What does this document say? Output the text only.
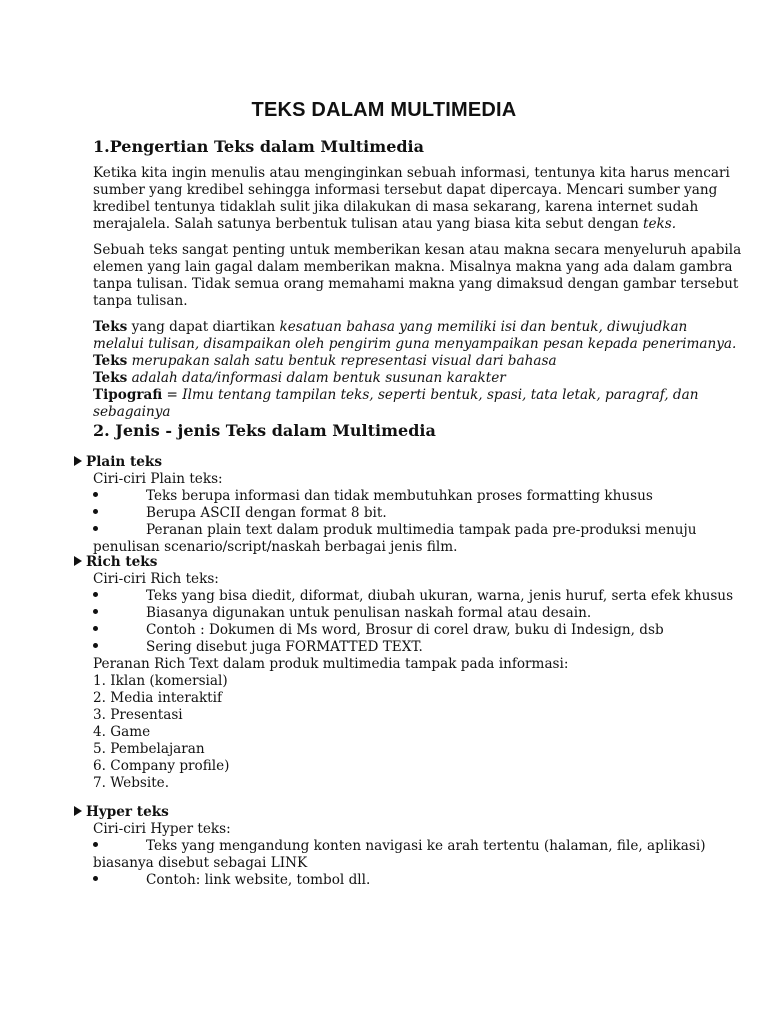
TEKS DALAM MULTIMEDIA
1.Pengertian Teks dalam Multimedia
Ketika kita ingin menulis atau menginginkan sebuah informasi, tentunya kita harus mencari
sumber yang kredibel sehingga informasi tersebut dapat dipercaya. Mencari sumber yang
kredibel tentunya tidaklah sulit jika dilakukan di masa sekarang, karena internet sudah
merajalela. Salah satunya berbentuk tulisan atau yang biasa kita sebut dengan teks.
Sebuah teks sangat penting untuk memberikan kesan atau makna secara menyeluruh apabila
elemen yang lain gagal dalam memberikan makna. Misalnya makna yang ada dalam gambra
tanpa tulisan. Tidak semua orang memahami makna yang dimaksud dengan gambar tersebut
tanpa tulisan.
Teks yang dapat diartikan kesatuan bahasa yang memiliki isi dan bentuk, diwujudkan
melalui tulisan, disampaikan oleh pengirim guna menyampaikan pesan kepada penerimanya.
Teks merupakan salah satu bentuk representasi visual dari bahasa
Teks adalah data/informasi dalam bentuk susunan karakter
Tipografi = Ilmu tentang tampilan teks, seperti bentuk, spasi, tata letak, paragraf, dan
sebagainya
2. Jenis - jenis Teks dalam Multimedia
Plain teks
Ciri-ciri Plain teks:
Teks berupa informasi dan tidak membutuhkan proses formatting khusus
Berupa ASCII dengan format 8 bit.
Peranan plain text dalam produk multimedia tampak pada pre-produksi menuju
penulisan scenario/script/naskah berbagai jenis film.
Rich teks
Ciri-ciri Rich teks:
Teks yang bisa diedit, diformat, diubah ukuran, warna, jenis huruf, serta efek khusus
Biasanya digunakan untuk penulisan naskah formal atau desain.
Contoh : Dokumen di Ms word, Brosur di corel draw, buku di Indesign, dsb
Sering disebut juga FORMATTED TEXT.
Peranan Rich Text dalam produk multimedia tampak pada informasi:
1. Iklan (komersial)
2. Media interaktif
3. Presentasi
4. Game
5. Pembelajaran
6. Company profile)
7. Website.
Hyper teks
Ciri-ciri Hyper teks:
Teks yang mengandung konten navigasi ke arah tertentu (halaman, file, aplikasi)
biasanya disebut sebagai LINK
Contoh: link website, tombol dll.
